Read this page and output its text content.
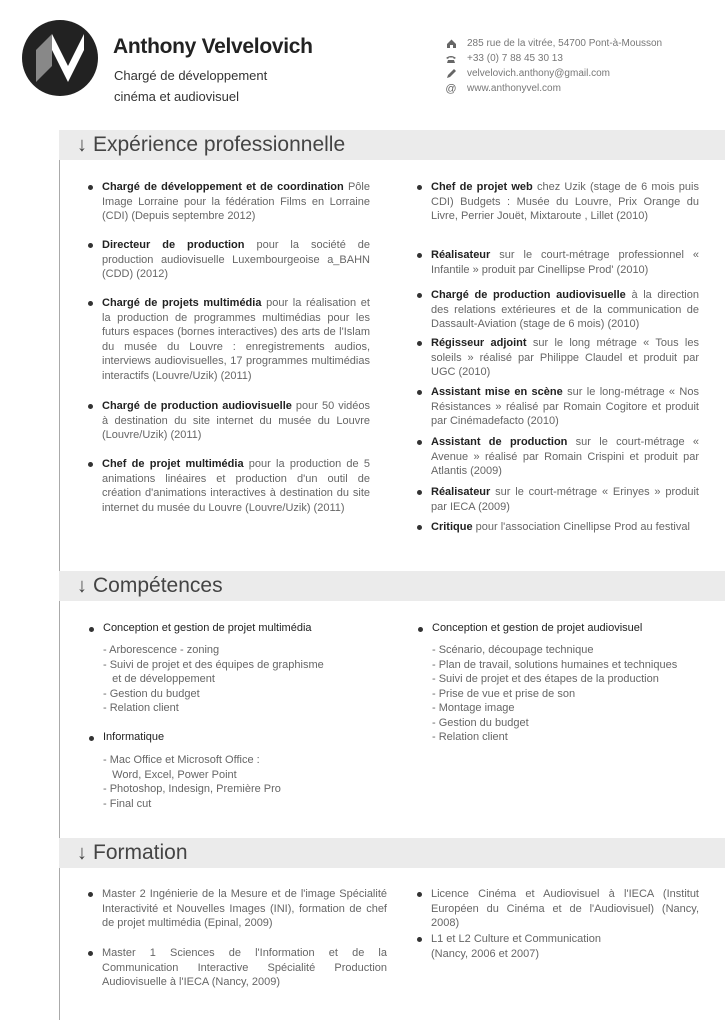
Anthony Velvelovich
Chargé de développement
cinéma et audiovisuel
285 rue de la vitrée, 54700 Pont-à-Mousson
+33 (0) 7 88 45 30 13
velvelovich.anthony@gmail.com
@ www.anthonyvel.com
↓ Expérience professionnelle
Chargé de développement et de coordination Pôle Image Lorraine pour la fédération Films en Lorraine (CDI) (Depuis septembre 2012)
Directeur de production pour la société de production audiovisuelle Luxembourgeoise a_BAHN (CDD) (2012)
Chargé de projets multimédia pour la réalisation et la production de programmes multimédias pour les futurs espaces (bornes interactives) des arts de l'Islam du musée du Louvre : enregistrements audios, interviews audiovisuelles, 17 programmes multimédias interactifs (Louvre/Uzik) (2011)
Chargé de production audiovisuelle pour 50 vidéos à destination du site internet du musée du Louvre (Louvre/Uzik) (2011)
Chef de projet multimédia pour la production de 5 animations linéaires et production d'un outil de création d'animations interactives à destination du site internet du musée du Louvre (Louvre/Uzik) (2011)
Chef de projet web chez Uzik (stage de 6 mois puis CDI) Budgets : Musée du Louvre, Prix Orange du Livre, Perrier Jouët, Mixtaroute , Lillet (2010)
Réalisateur sur le court-métrage professionnel « Infantile » produit par Cinellipse Prod' (2010)
Chargé de production audiovisuelle à la direction des relations extérieures et de la communication de Dassault-Aviation (stage de 6 mois) (2010)
Régisseur adjoint sur le long métrage « Tous les soleils » réalisé par Philippe Claudel et produit par UGC (2010)
Assistant mise en scène sur le long-métrage « Nos Résistances » réalisé par Romain Cogitore et produit par Cinémadefacto (2010)
Assistant de production sur le court-métrage « Avenue » réalisé par Romain Crispini et produit par Atlantis (2009)
Réalisateur sur le court-métrage « Erinyes » produit par IECA (2009)
Critique pour l'association Cinellipse Prod au festival
↓ Compétences
Conception et gestion de projet multimédia
- Arborescence - zoning
- Suivi de projet et des équipes de graphisme
et de développement
- Gestion du budget
- Relation client
Informatique
- Mac Office et Microsoft Office :
Word, Excel, Power Point
- Photoshop, Indesign, Première Pro
- Final cut
Conception et gestion de projet audiovisuel
- Scénario, découpage technique
- Plan de travail, solutions humaines et techniques
- Suivi de projet et des étapes de la production
- Prise de vue et prise de son
- Montage image
- Gestion du budget
- Relation client
↓ Formation
Master 2 Ingénierie de la Mesure et de l'image Spécialité Interactivité et Nouvelles Images (INI), formation de chef de projet multimédia (Epinal, 2009)
Master 1 Sciences de l'Information et de la Communication Interactive Spécialité Production Audiovisuelle à l'IECA (Nancy, 2009)
Licence Cinéma et Audiovisuel à l'IECA (Institut Européen du Cinéma et de l'Audiovisuel) (Nancy, 2008)
L1 et L2 Culture et Communication (Nancy, 2006 et 2007)
